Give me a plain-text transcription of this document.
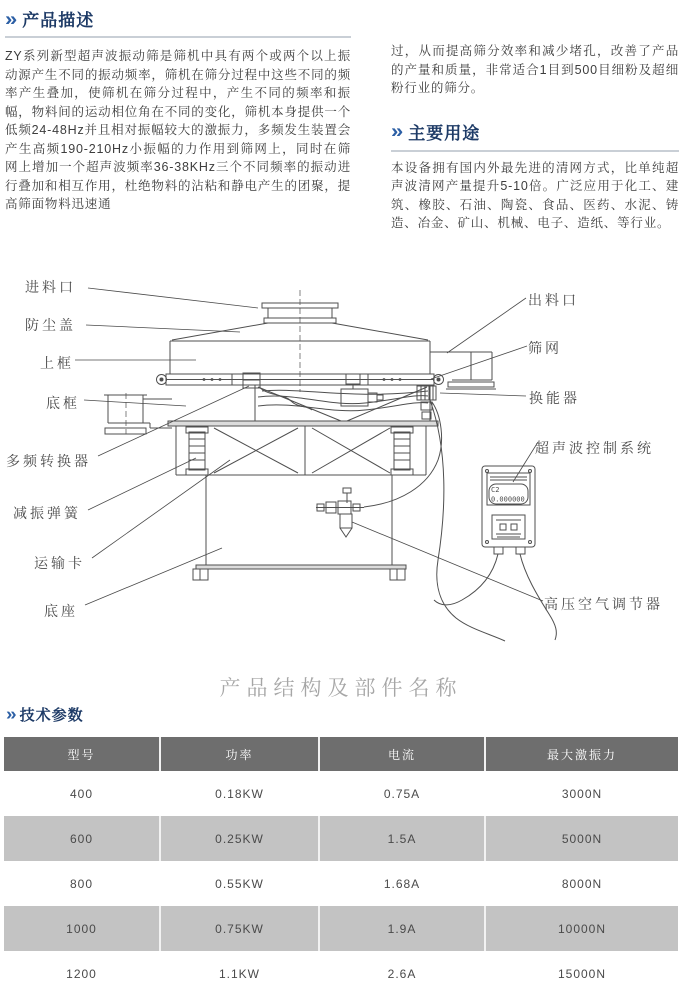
» 产品描述
ZY系列新型超声波振动筛是筛机中具有两个或两个以上振动源产生不同的振动频率，筛机在筛分过程中这些不同的频率产生叠加，使筛机在筛分过程中，产生不同的频率和振幅，物料间的运动相位角在不同的变化，筛机本身提供一个低频24-48Hz并且相对振幅较大的激振力，多频发生装置会产生高频190-210Hz小振幅的力作用到筛网上，同时在筛网上增加一个超声波频率36-38KHz三个不同频率的振动进行叠加和相互作用，杜绝物料的沾粘和静电产生的团聚，提高筛面物料迅速通
过，从而提高筛分效率和减少堵孔，改善了产品的产量和质量，非常适合1目到500目细粉及超细粉行业的筛分。
» 主要用途
本设备拥有国内外最先进的清网方式，比单纯超声波清网产量提升5-10倍。广泛应用于化工、建筑、橡胶、石油、陶瓷、食品、医药、水泥、铸造、冶金、矿山、机械、电子、造纸、等行业。
C2
0.000000
进料口
防尘盖
上框
底框
多频转换器
减振弹簧
运输卡
底座
出料口
筛网
换能器
超声波控制系统
高压空气调节器
产品结构及部件名称
» 技术参数
型号	功率	电流	最大激振力
400	0.18KW	0.75A	3000N
600	0.25KW	1.5A	5000N
800	0.55KW	1.68A	8000N
1000	0.75KW	1.9A	10000N
1200	1.1KW	2.6A	15000N
